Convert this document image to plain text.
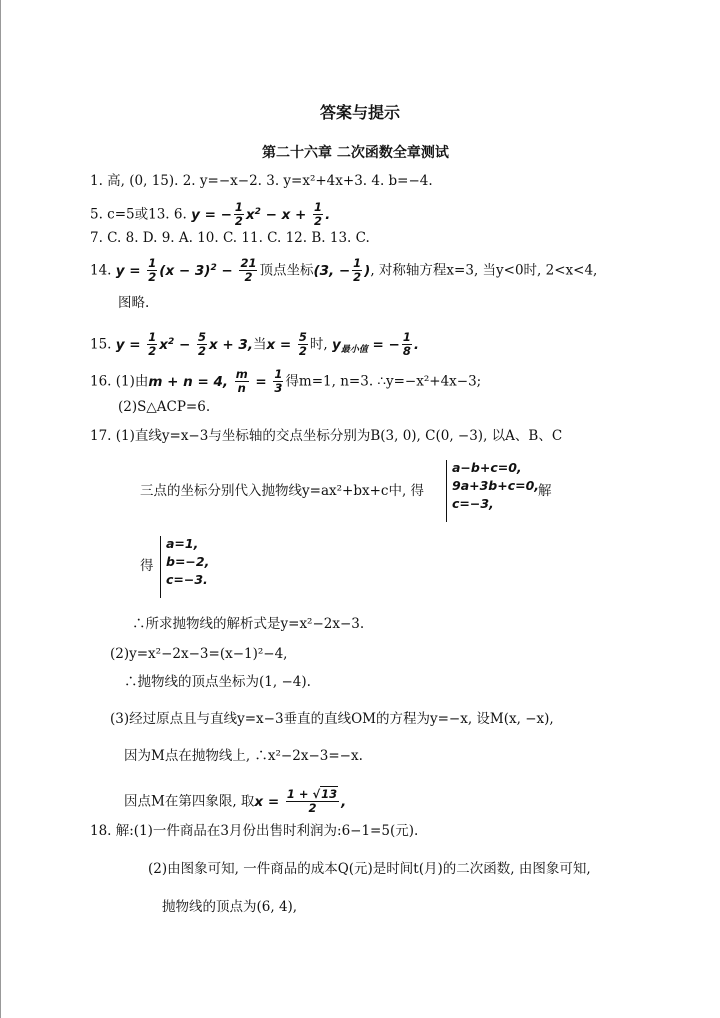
答案与提示
第二十六章 二次函数全章测试
1. 高, (0, 15). 2. y=−x−2. 3. y=x²+4x+3. 4. b=−4.
5. c=5或13. 6. y = − $\frac{1}{2} x^2 - x + \frac{1}{2}$ .
7. C. 8. D. 9. A. 10. C. 11. C. 12. B. 13. C.
14. $y = \frac{1}{2} (x - 3)^2 - \frac{21}{2}$ 顶点坐标(3, − $\frac{1}{2}$ ), 对称轴方程x=3, 当y<0时, 2<x<4,
图略.
15. $y = \frac{1}{2} x^2 - \frac{5}{2}$ x + 3,当$x = \frac{5}{2}$ 时, $y_{最小值}$ = − $\frac{1}{8}$ .
16. (1)由m + n = 4, $\frac{m}{n} = \frac{1}{3}$ 得m=1, n=3. ∴y=−x²+4x−3;
(2)S△ACP=6.
17. (1)直线y=x−3与坐标轴的交点坐标分别为B(3, 0), C(0, −3), 以A、B、C
三点的坐标分别代入抛物线y=ax²+bx+c中, 得
a−b+c=0,
9a+3b+c=0,
c=−3,
解
得
a=1,
b=−2,
c=−3.
∴所求抛物线的解析式是y=x²−2x−3.
(2)y=x²−2x−3=(x−1)²−4,
∴抛物线的顶点坐标为(1, −4).
(3)经过原点且与直线y=x−3垂直的直线OM的方程为y=−x, 设M(x, −x),
因为M点在抛物线上, ∴x²−2x−3=−x.
因点M在第四象限, 取$x = \frac{1 + √13}{2}$ ,
18. 解:(1)一件商品在3月份出售时利润为:6−1=5(元).
(2)由图象可知, 一件商品的成本Q(元)是时间t(月)的二次函数, 由图象可知,
抛物线的顶点为(6, 4),
